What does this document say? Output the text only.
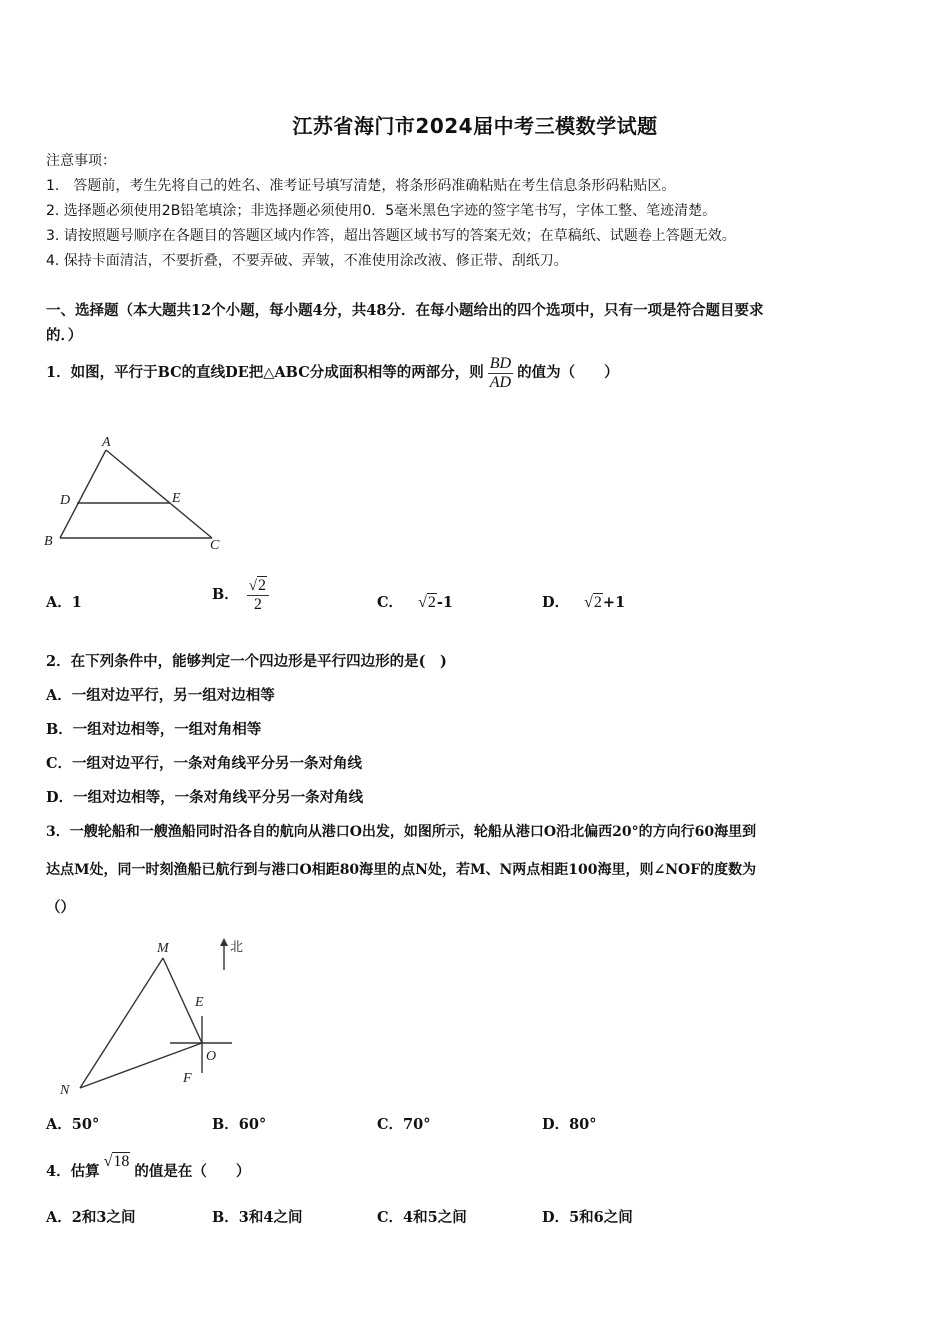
江苏省海门市2024届中考三模数学试题
注意事项：
1.　答题前，考生先将自己的姓名、准考证号填写清楚，将条形码准确粘贴在考生信息条形码粘贴区。
2. 选择题必须使用2B铅笔填涂；非选择题必须使用0．5毫米黑色字迹的签字笔书写，字体工整、笔迹清楚。
3. 请按照题号顺序在各题目的答题区域内作答，超出答题区域书写的答案无效；在草稿纸、试题卷上答题无效。
4. 保持卡面清洁，不要折叠，不要弄破、弄皱，不准使用涂改液、修正带、刮纸刀。
一、选择题（本大题共12个小题，每小题4分，共48分．在每小题给出的四个选项中，只有一项是符合题目要求
的．）
1．如图，平行于BC的直线DE把△ABC分成面积相等的两部分，则 $\frac{BD}{AD}$ 的值为（　　）
A
D	E
B	C
A．1	B． $\frac{√2}{2}$	C． √2-1	D． √2+1
2．在下列条件中，能够判定一个四边形是平行四边形的是(　)
A．一组对边平行，另一组对边相等
B．一组对边相等，一组对角相等
C．一组对边平行，一条对角线平分另一条对角线
D．一组对边相等，一条对角线平分另一条对角线
3．一艘轮船和一艘渔船同时沿各自的航向从港口O出发，如图所示，轮船从港口O沿北偏西20°的方向行60海里到
达点M处，同一时刻渔船已航行到与港口O相距80海里的点N处，若M、N两点相距100海里，则∠NOF的度数为
（）
M
E
O
F
N
北
A．50°	B．60°	C．70°	D．80°
4．估算
√18
的值是在（　　）
A．2和3之间	B．3和4之间	C．4和5之间	D．5和6之间
